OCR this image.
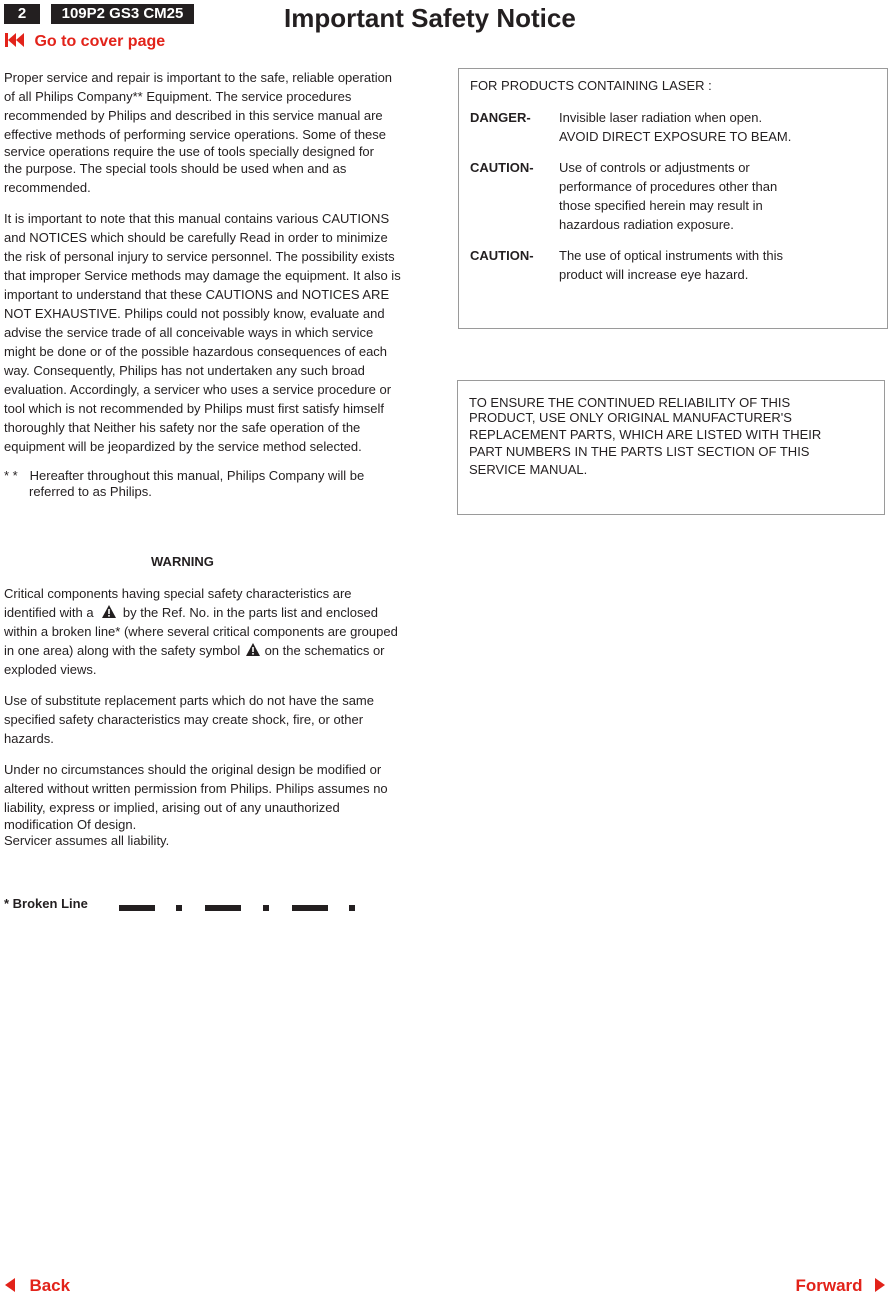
2	109P2 GS3 CM25	Important Safety Notice
Go to cover page

Proper service and repair is important to the safe, reliable operation

of all Philips Company** Equipment. The service procedures

recommended by Philips and described in this service manual are

effective methods of performing service operations. Some of these

service operations require the use of tools specially designed for

the purpose. The special tools should be used when and as

recommended.

It is important to note that this manual contains various CAUTIONS

and NOTICES which should be carefully Read in order to minimize

the risk of personal injury to service personnel. The possibility exists

that improper Service methods may damage the equipment. It also is

important to understand that these CAUTIONS and NOTICES ARE

NOT EXHAUSTIVE. Philips could not possibly know, evaluate and

advise the service trade of all conceivable ways in which service

might be done or of the possible hazardous consequences of each

way. Consequently, Philips has not undertaken any such broad

evaluation. Accordingly, a servicer who uses a service procedure or

tool which is not recommended by Philips must first satisfy himself

thoroughly that Neither his safety nor the safe operation of the

equipment will be jeopardized by the service method selected.

* * Hereafter throughout this manual, Philips Company will be
referred to as Philips.
WARNING

Critical components having special safety characteristics are

identified with a by the Ref. No. in the parts list and enclosed

within a broken line* (where several critical components are grouped

in one area) along with the safety symbol on the schematics or

exploded views.

Use of substitute replacement parts which do not have the same

specified safety characteristics may create shock, fire, or other

hazards.

Under no circumstances should the original design be modified or

altered without written permission from Philips. Philips assumes no

liability, express or implied, arising out of any unauthorized

modification Of design.

Servicer assumes all liability.

* Broken Line
FOR PRODUCTS CONTAINING LASER :
DANGER- Invisible laser radiation when open.

AVOID DIRECT EXPOSURE TO BEAM.

CAUTION- Use of controls or adjustments or

performance of procedures other than

those specified herein may result in

hazardous radiation exposure.

CAUTION- The use of optical instruments with this

product will increase eye hazard.

TO ENSURE THE CONTINUED RELIABILITY OF THIS

PRODUCT, USE ONLY ORIGINAL MANUFACTURER'S

REPLACEMENT PARTS, WHICH ARE LISTED WITH THEIR

PART NUMBERS IN THE PARTS LIST SECTION OF THIS

SERVICE MANUAL.

Back	Forward
